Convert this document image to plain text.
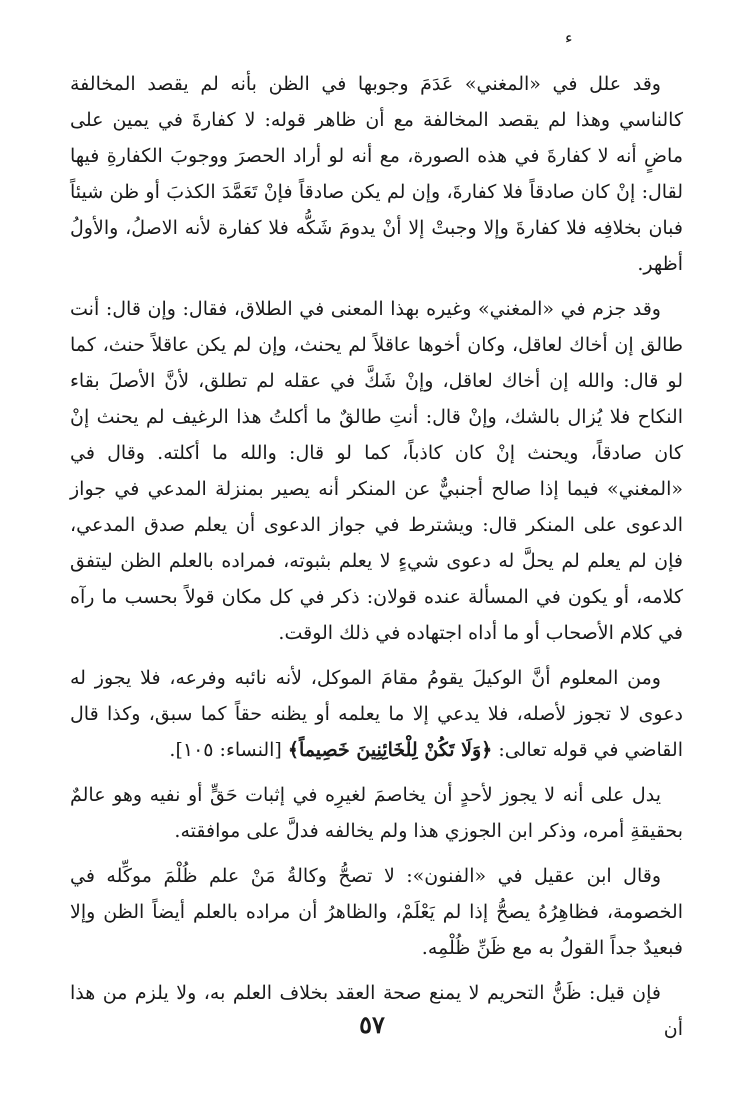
ء

وقد علل في «المغني» عَدَمَ وجوبها في الظن بأنه لم يقصد المخالفة كالناسي وهذا لم يقصد المخالفة مع أن ظاهر قوله: لا كفارةَ في يمين على ماضٍ أنه لا كفارةَ في هذه الصورة، مع أنه لو أراد الحصرَ ووجوبَ الكفارةِ فيها لقال: إنْ كان صادقاً فلا كفارةَ، وإن لم يكن صادقاً فإنْ تَعَمَّدَ الكذبَ أو ظن شيئاً فبان بخلافِه فلا كفارةَ وإلا وجبتْ إلا أنْ يدومَ شَكُّه فلا كفارة لأنه الاصلُ، والأولُ أظهر.

وقد جزم في «المغني» وغيره بهذا المعنى في الطلاق، فقال: وإن قال: أنت طالق إن أخاك لعاقل، وكان أخوها عاقلاً لم يحنث، وإن لم يكن عاقلاً حنث، كما لو قال: والله إن أخاك لعاقل، وإنْ شَكَّ في عقله لم تطلق، لأنَّ الأصلَ بقاء النكاح فلا يُزال بالشك، وإنْ قال: أنتِ طالقٌ ما أكلتُ هذا الرغيف لم يحنث إنْ كان صادقاً، ويحنث إنْ كان كاذباً، كما لو قال: والله ما أكلته. وقال في «المغني» فيما إذا صالح أجنبيٌّ عن المنكر أنه يصير بمنزلة المدعي في جواز الدعوى على المنكر قال: ويشترط في جواز الدعوى أن يعلم صدق المدعي، فإن لم يعلم لم يحلَّ له دعوى شيءٍ لا يعلم بثبوته، فمراده بالعلم الظن ليتفق كلامه، أو يكون في المسألة عنده قولان: ذكر في كل مكان قولاً بحسب ما رآه في كلام الأصحاب أو ما أداه اجتهاده في ذلك الوقت.

ومن المعلوم أنَّ الوكيلَ يقومُ مقامَ الموكل، لأنه نائبه وفرعه، فلا يجوز له دعوى لا تجوز لأصله، فلا يدعي إلا ما يعلمه أو يظنه حقاً كما سبق، وكذا قال القاضي في قوله تعالى: ﴿وَلَا تَكُنْ لِلْخَائِنِينَ خَصِيماً﴾ [النساء: ١٠٥].

يدل على أنه لا يجوز لأحدٍ أن يخاصمَ لغيرِه في إثبات حَقٍّ أو نفيه وهو عالمٌ بحقيقةِ أمره، وذكر ابن الجوزي هذا ولم يخالفه فدلَّ على موافقته.

وقال ابن عقيل في «الفنون»: لا تصحُّ وكالةُ مَنْ علم ظُلْمَ موكِّله في الخصومة، فظاهِرُهُ يصحُّ إذا لم يَعْلَمْ، والظاهرُ أن مراده بالعلم أيضاً الظن وإلا فبعيدٌ جداً القولُ به مع ظَنِّ ظُلْمِه.

فإن قيل: ظَنُّ التحريم لا يمنع صحة العقد بخلاف العلم به، ولا يلزم من هذا أن

٥٧
